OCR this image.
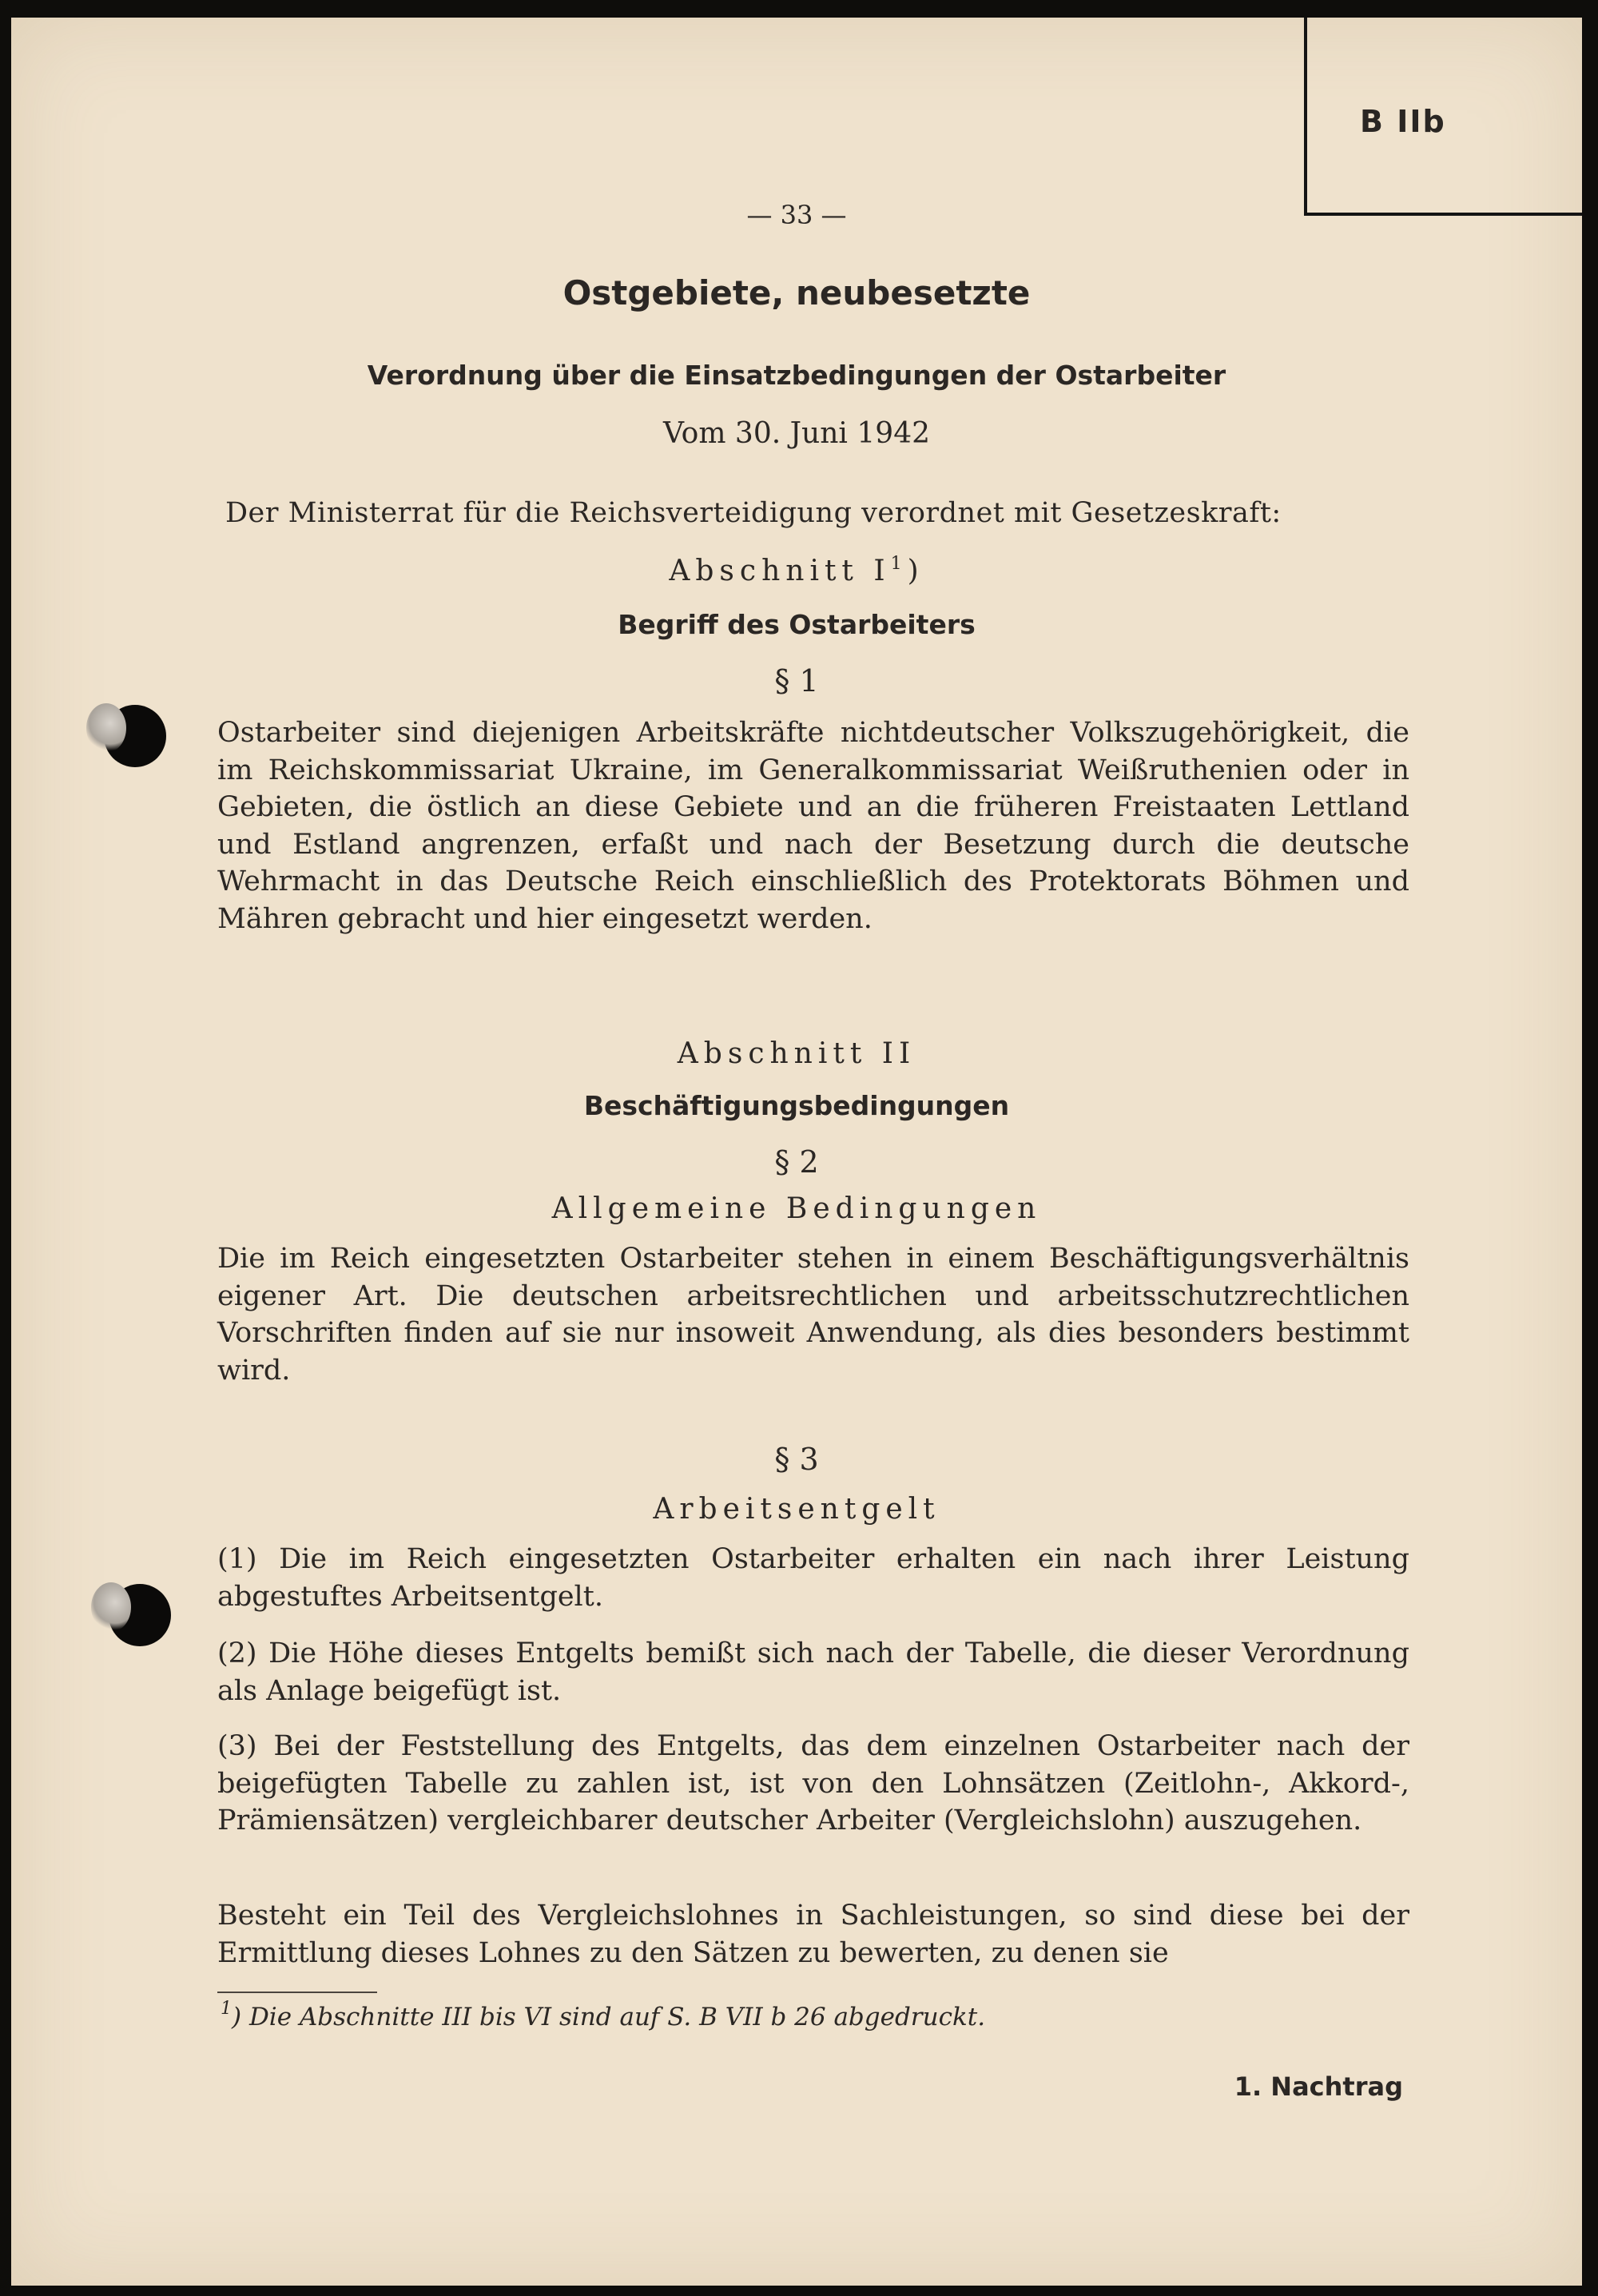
B IIb

— 33 —

Ostgebiete, neubesetzte

Verordnung über die Einsatzbedingungen der Ostarbeiter

Vom 30. Juni 1942

Der Ministerrat für die Reichsverteidigung verordnet mit Gesetzeskraft:

Abschnitt $I^1$)

Begriff des Ostarbeiters

§ 1

Ostarbeiter sind diejenigen Arbeitskräfte nichtdeutscher Volkszugehörigkeit, die im Reichskommissariat Ukraine, im Generalkommissariat Weißruthenien oder in Gebieten, die östlich an diese Gebiete und an die früheren Freistaaten Lettland und Estland angrenzen, erfaßt und nach der Besetzung durch die deutsche Wehrmacht in das Deutsche Reich einschließlich des Protektorats Böhmen und Mähren gebracht und hier eingesetzt werden.

Abschnitt II

Beschäftigungsbedingungen

§ 2

Allgemeine Bedingungen

Die im Reich eingesetzten Ostarbeiter stehen in einem Beschäftigungsverhältnis eigener Art. Die deutschen arbeitsrechtlichen und arbeitsschutzrechtlichen Vorschriften finden auf sie nur insoweit Anwendung, als dies besonders bestimmt wird.

§ 3

Arbeitsentgelt

(1) Die im Reich eingesetzten Ostarbeiter erhalten ein nach ihrer Leistung abgestuftes Arbeitsentgelt.

(2) Die Höhe dieses Entgelts bemißt sich nach der Tabelle, die dieser Verordnung als Anlage beigefügt ist.

(3) Bei der Feststellung des Entgelts, das dem einzelnen Ostarbeiter nach der beigefügten Tabelle zu zahlen ist, ist von den Lohnsätzen (Zeitlohn-, Akkord-, Prämiensätzen) vergleichbarer deutscher Arbeiter (Vergleichslohn) auszugehen.

Besteht ein Teil des Vergleichslohnes in Sachleistungen, so sind diese bei der Ermittlung dieses Lohnes zu den Sätzen zu bewerten, zu denen sie

$^1$) Die Abschnitte III bis VI sind auf S. B VII b 26 abgedruckt.

1. Nachtrag
